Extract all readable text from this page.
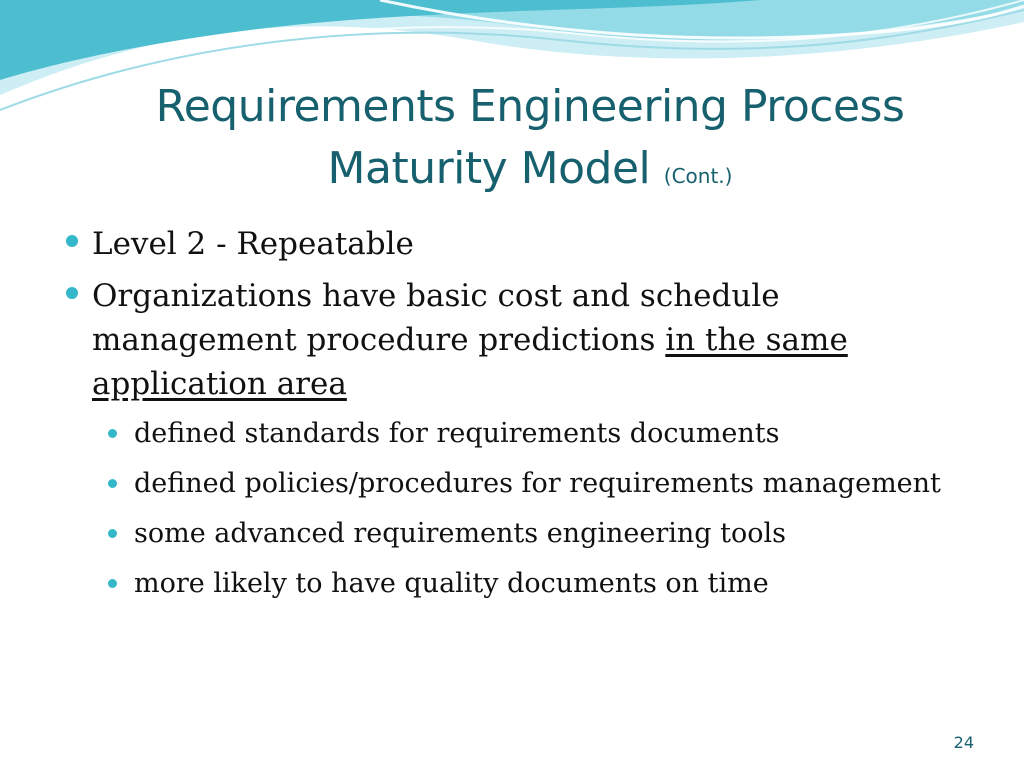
Requirements Engineering Process
Maturity Model (Cont.)
Level 2 - Repeatable
Organizations have basic cost and schedule management procedure predictions in the same application area
defined standards for requirements documents
defined policies/procedures for requirements management
some advanced requirements engineering tools
more likely to have quality documents on time
24
